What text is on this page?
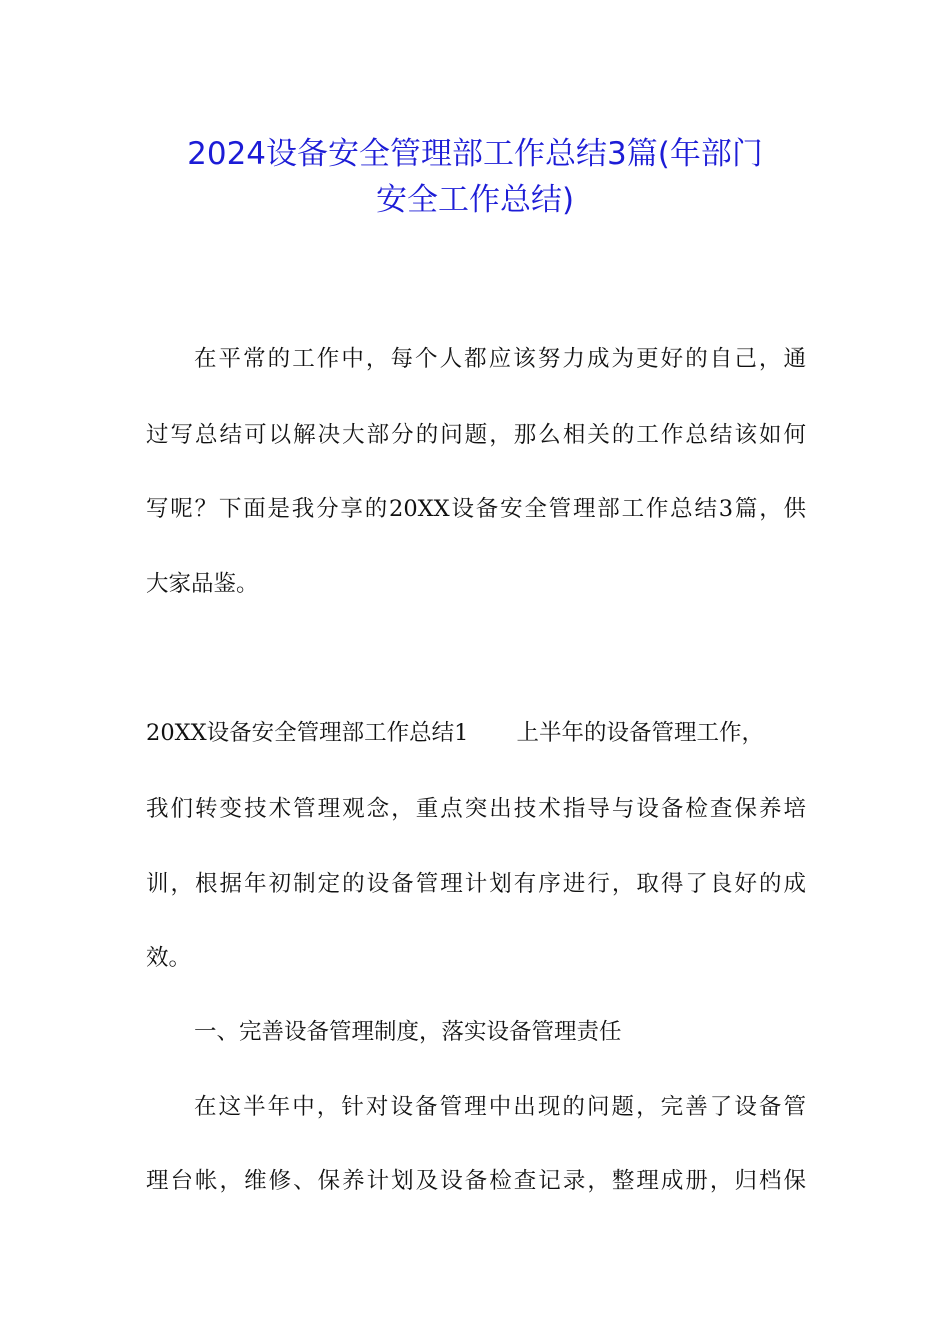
2024设备安全管理部工作总结3篇(年部门
安全工作总结)
在平常的工作中，每个人都应该努力成为更好的自己，通
过写总结可以解决大部分的问题，那么相关的工作总结该如何
写呢？下面是我分享的20XX设备安全管理部工作总结3篇，供
大家品鉴。
20XX设备安全管理部工作总结1 上半年的设备管理工作，
我们转变技术管理观念，重点突出技术指导与设备检查保养培
训，根据年初制定的设备管理计划有序进行，取得了良好的成
效。
一、完善设备管理制度，落实设备管理责任
在这半年中，针对设备管理中出现的问题，完善了设备管
理台帐，维修、保养计划及设备检查记录，整理成册，归档保
